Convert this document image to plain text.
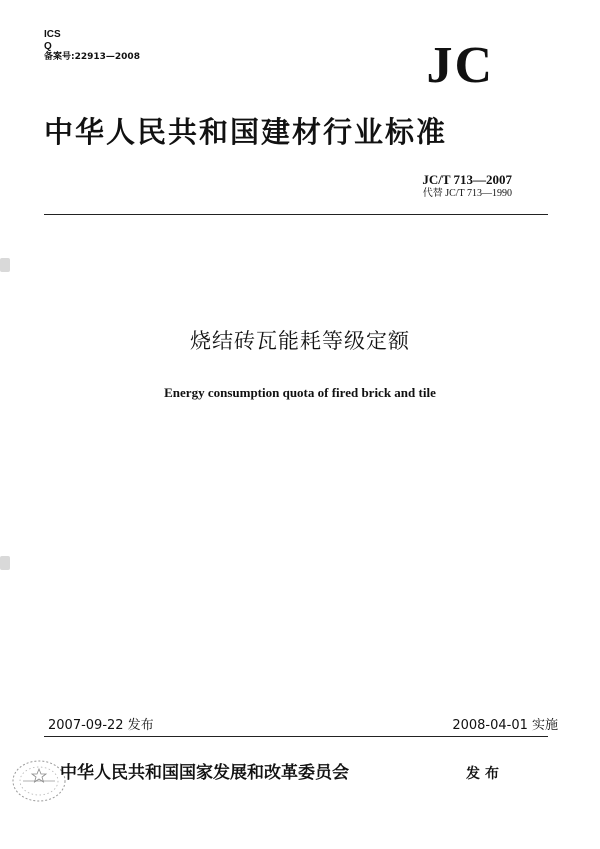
ICS
Q
备案号:22913—2008	JC
中华人民共和国建材行业标准
JC/T 713—2007
代替 JC/T 713—1990
烧结砖瓦能耗等级定额
Energy consumption quota of fired brick and tile
2007-09-22 发布	2008-04-01 实施
中华人民共和国国家发展和改革委员会	发布
